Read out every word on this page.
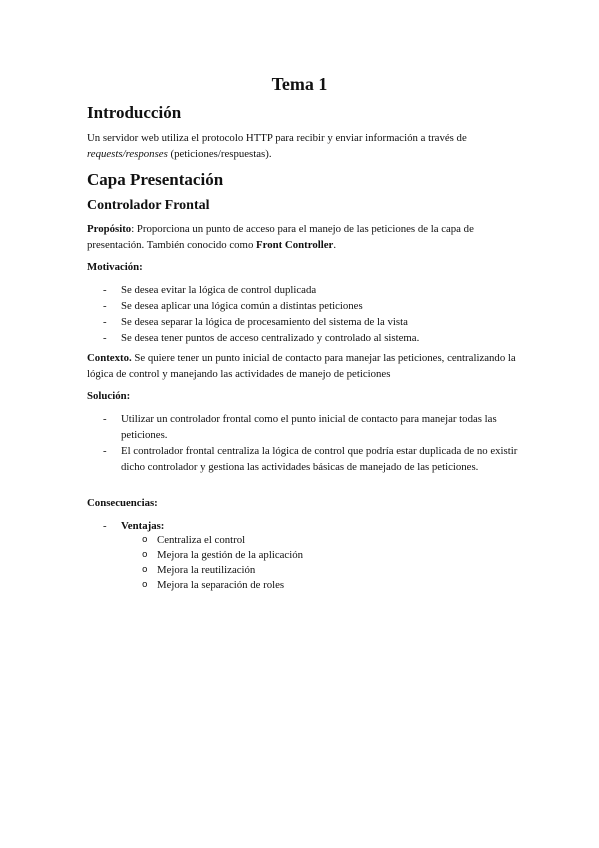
Tema 1
Introducción

Un servidor web utiliza el protocolo HTTP para recibir y enviar información a través de requests/responses (peticiones/respuestas).

Capa Presentación
Controlador Frontal

Propósito: Proporciona un punto de acceso para el manejo de las peticiones de la capa de presentación. También conocido como Front Controller.

Motivación:
- Se desea evitar la lógica de control duplicada
- Se desea aplicar una lógica común a distintas peticiones
- Se desea separar la lógica de procesamiento del sistema de la vista
- Se desea tener puntos de acceso centralizado y controlado al sistema.

Contexto. Se quiere tener un punto inicial de contacto para manejar las peticiones, centralizando la lógica de control y manejando las actividades de manejo de peticiones

Solución:
- Utilizar un controlador frontal como el punto inicial de contacto para manejar todas las peticiones.
- El controlador frontal centraliza la lógica de control que podría estar duplicada de no existir dicho controlador y gestiona las actividades básicas de manejado de las peticiones.
Consecuencias:
- Ventajas:
o Centraliza el control
o Mejora la gestión de la aplicación
o Mejora la reutilización
o Mejora la separación de roles
